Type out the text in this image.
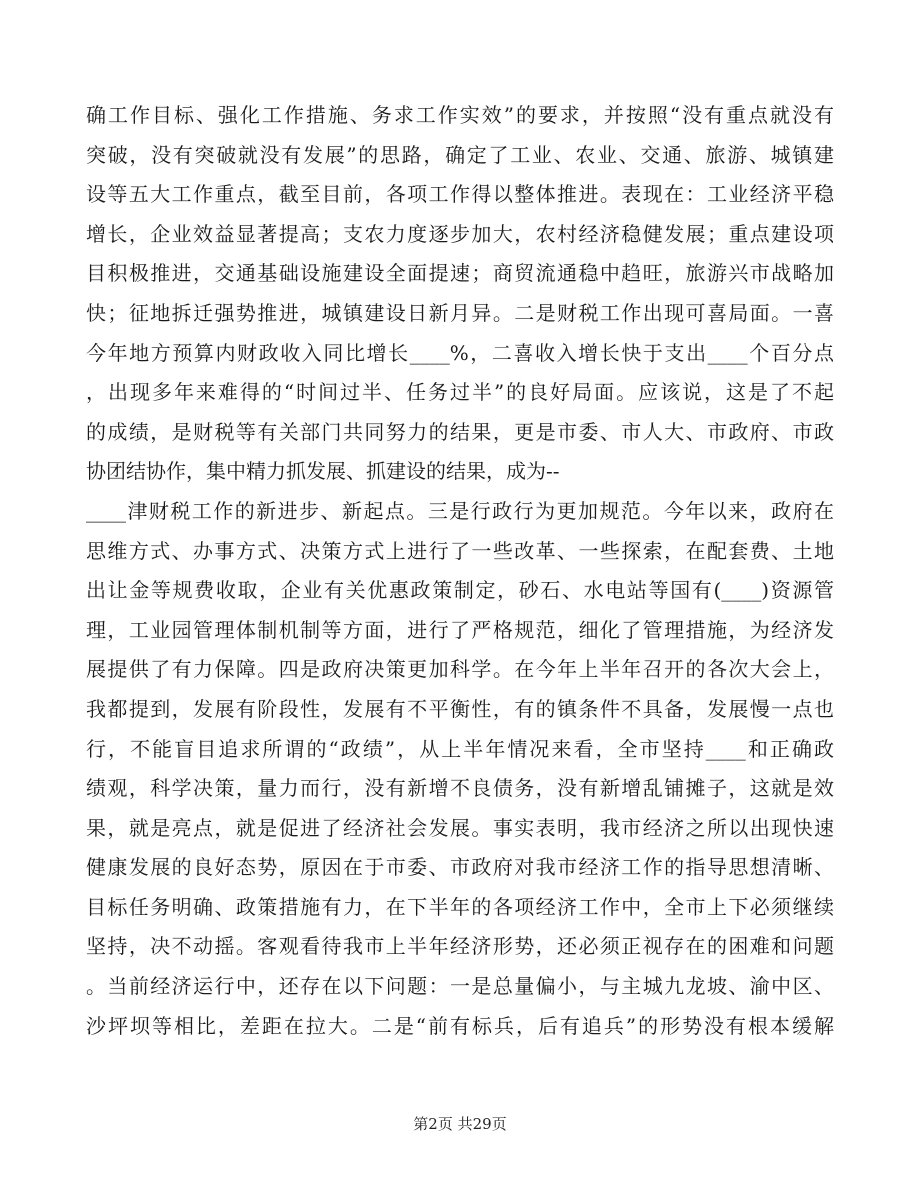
确工作目标、强化工作措施、务求工作实效”的要求，并按照“没有重点就没有
突破，没有突破就没有发展”的思路，确定了工业、农业、交通、旅游、城镇建
设等五大工作重点，截至目前，各项工作得以整体推进。表现在：工业经济平稳
增长，企业效益显著提高；支农力度逐步加大，农村经济稳健发展；重点建设项
目积极推进，交通基础设施建设全面提速；商贸流通稳中趋旺，旅游兴市战略加
快；征地拆迁强势推进，城镇建设日新月异。二是财税工作出现可喜局面。一喜
今年地方预算内财政收入同比增长____%，二喜收入增长快于支出____个百分点
，出现多年来难得的“时间过半、任务过半”的良好局面。应该说，这是了不起
的成绩，是财税等有关部门共同努力的结果，更是市委、市人大、市政府、市政
协团结协作，集中精力抓发展、抓建设的结果，成为--
____津财税工作的新进步、新起点。三是行政行为更加规范。今年以来，政府在
思维方式、办事方式、决策方式上进行了一些改革、一些探索，在配套费、土地
出让金等规费收取，企业有关优惠政策制定，砂石、水电站等国有(____)资源管
理，工业园管理体制机制等方面，进行了严格规范，细化了管理措施，为经济发
展提供了有力保障。四是政府决策更加科学。在今年上半年召开的各次大会上，
我都提到，发展有阶段性，发展有不平衡性，有的镇条件不具备，发展慢一点也
行，不能盲目追求所谓的“政绩”，从上半年情况来看，全市坚持____和正确政
绩观，科学决策，量力而行，没有新增不良债务，没有新增乱铺摊子，这就是效
果，就是亮点，就是促进了经济社会发展。事实表明，我市经济之所以出现快速
健康发展的良好态势，原因在于市委、市政府对我市经济工作的指导思想清晰、
目标任务明确、政策措施有力，在下半年的各项经济工作中，全市上下必须继续
坚持，决不动摇。客观看待我市上半年经济形势，还必须正视存在的困难和问题
。当前经济运行中，还存在以下问题：一是总量偏小，与主城九龙坡、渝中区、
沙坪坝等相比，差距在拉大。二是“前有标兵，后有追兵”的形势没有根本缓解
第2页 共29页
